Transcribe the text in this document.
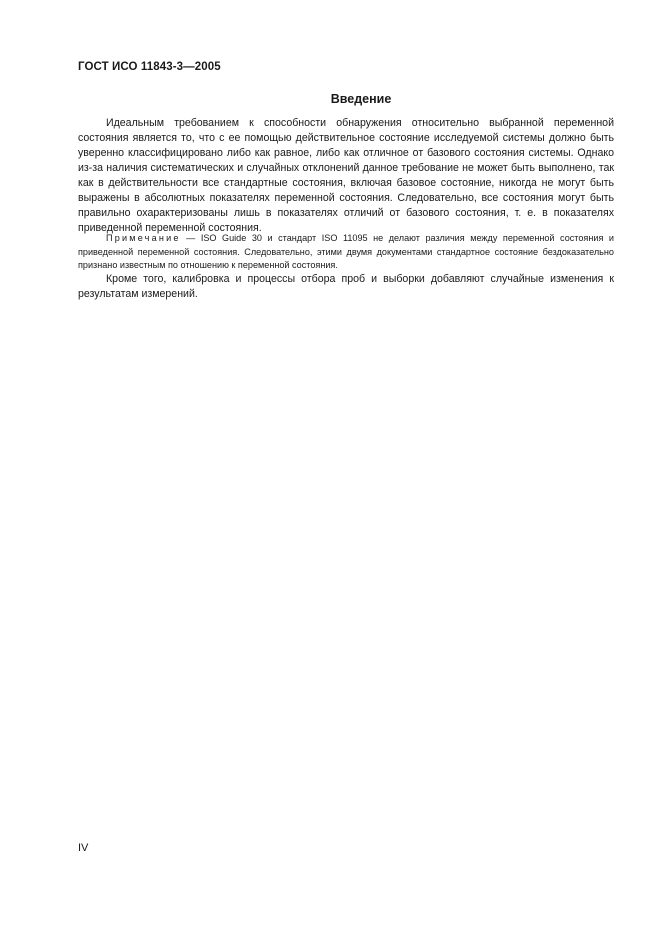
ГОСТ ИСО 11843-3—2005
Введение

Идеальным требованием к способности обнаружения относительно выбранной переменной состояния является то, что с ее помощью действительное состояние исследуемой системы должно быть уверенно классифицировано либо как равное, либо как отличное от базового состояния системы. Однако из-за наличия систематических и случайных отклонений данное требование не может быть выполнено, так как в действительности все стандартные состояния, включая базовое состояние, никогда не могут быть выражены в абсолютных показателях переменной состояния. Следовательно, все состояния могут быть правильно охарактеризованы лишь в показателях отличий от базового состояния, т. е. в показателях приведенной переменной состояния.

Примечание — ISO Guide 30 и стандарт ISO 11095 не делают различия между переменной состояния и приведенной переменной состояния. Следовательно, этими двумя документами стандартное состояние бездоказательно признано известным по отношению к переменной состояния.

Кроме того, калибровка и процессы отбора проб и выборки добавляют случайные изменения к результатам измерений.

IV
